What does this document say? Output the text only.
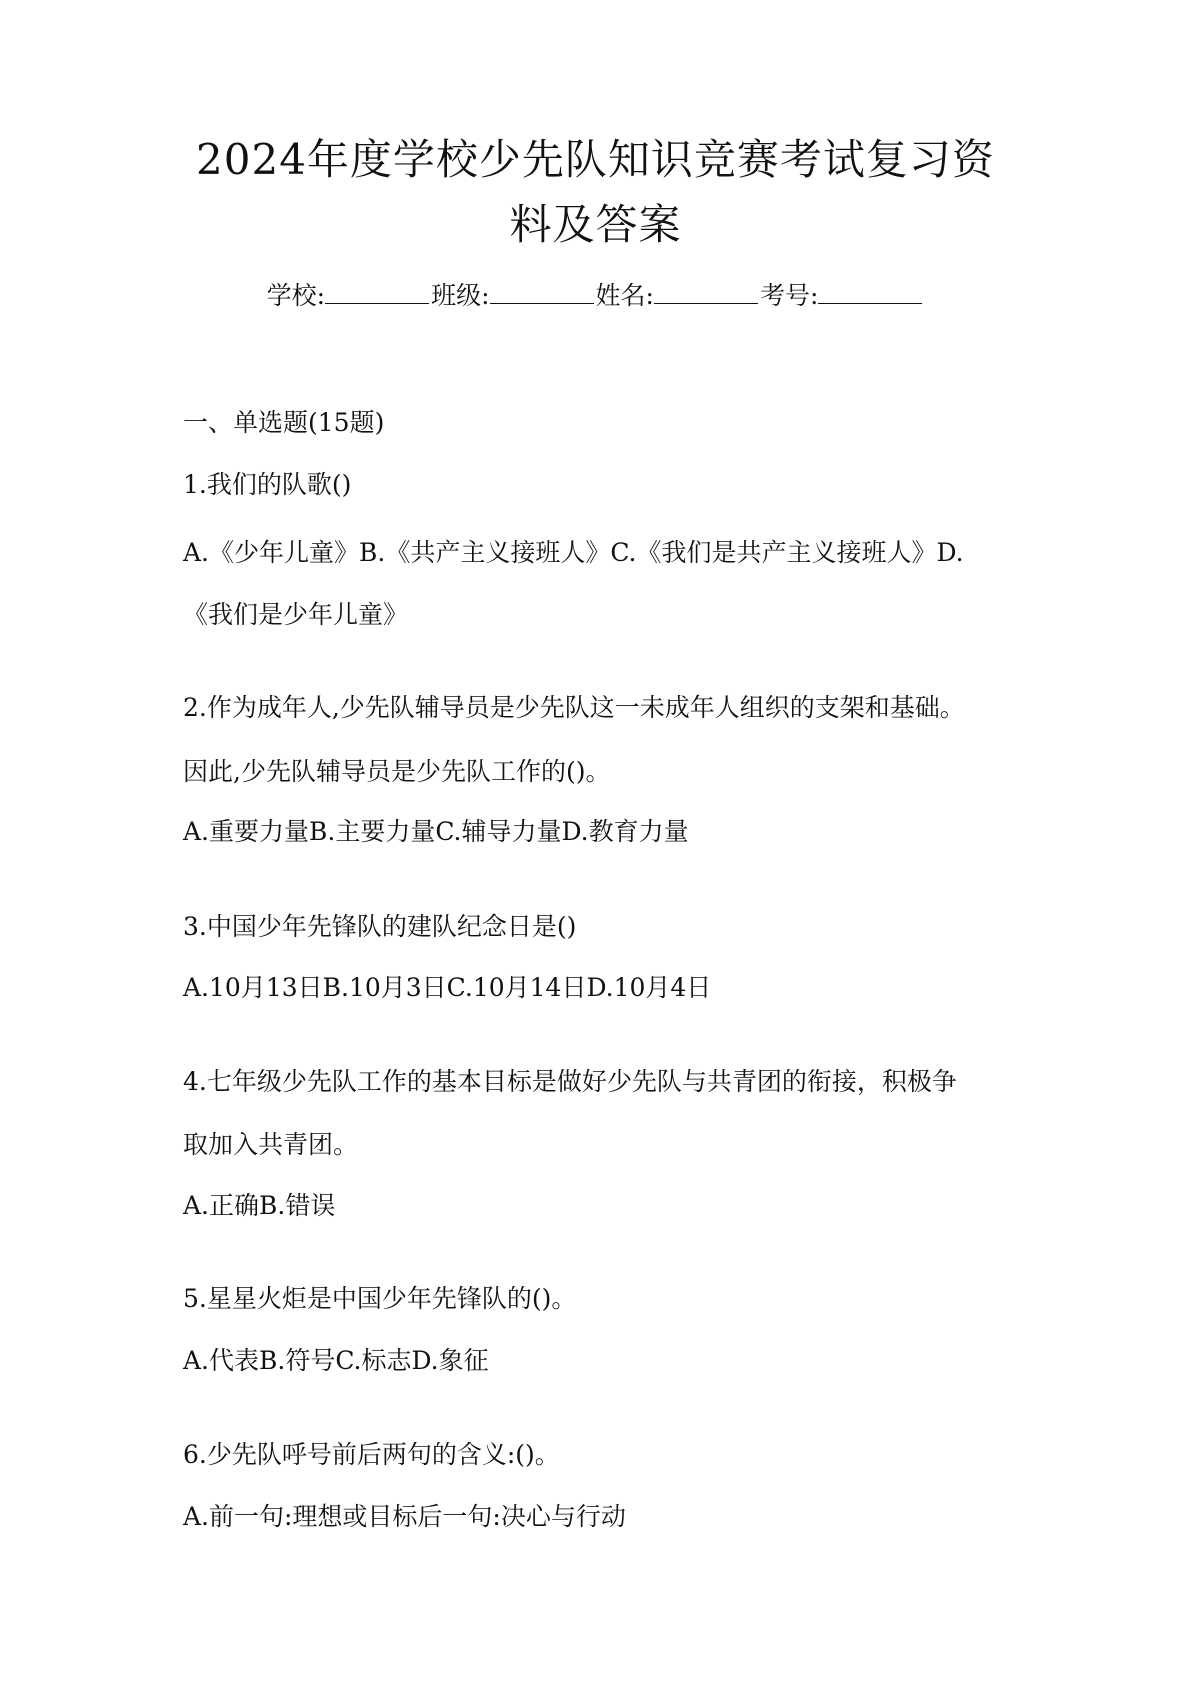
2024年度学校少先队知识竞赛考试复习资
料及答案
学校:	班级:	姓名:	考号:

一、单选题(15题)

1.我们的队歌()

A.《少年儿童》B.《共产主义接班人》C.《我们是共产主义接班人》D.

《我们是少年儿童》

2.作为成年人,少先队辅导员是少先队这一未成年人组织的支架和基础。

因此,少先队辅导员是少先队工作的()。

A.重要力量B.主要力量C.辅导力量D.教育力量

3.中国少年先锋队的建队纪念日是()

A.10月13日B.10月3日C.10月14日D.10月4日

4.七年级少先队工作的基本目标是做好少先队与共青团的衔接，积极争

取加入共青团。

A.正确B.错误

5.星星火炬是中国少年先锋队的()。

A.代表B.符号C.标志D.象征

6.少先队呼号前后两句的含义:()。

A.前一句:理想或目标后一句:决心与行动
